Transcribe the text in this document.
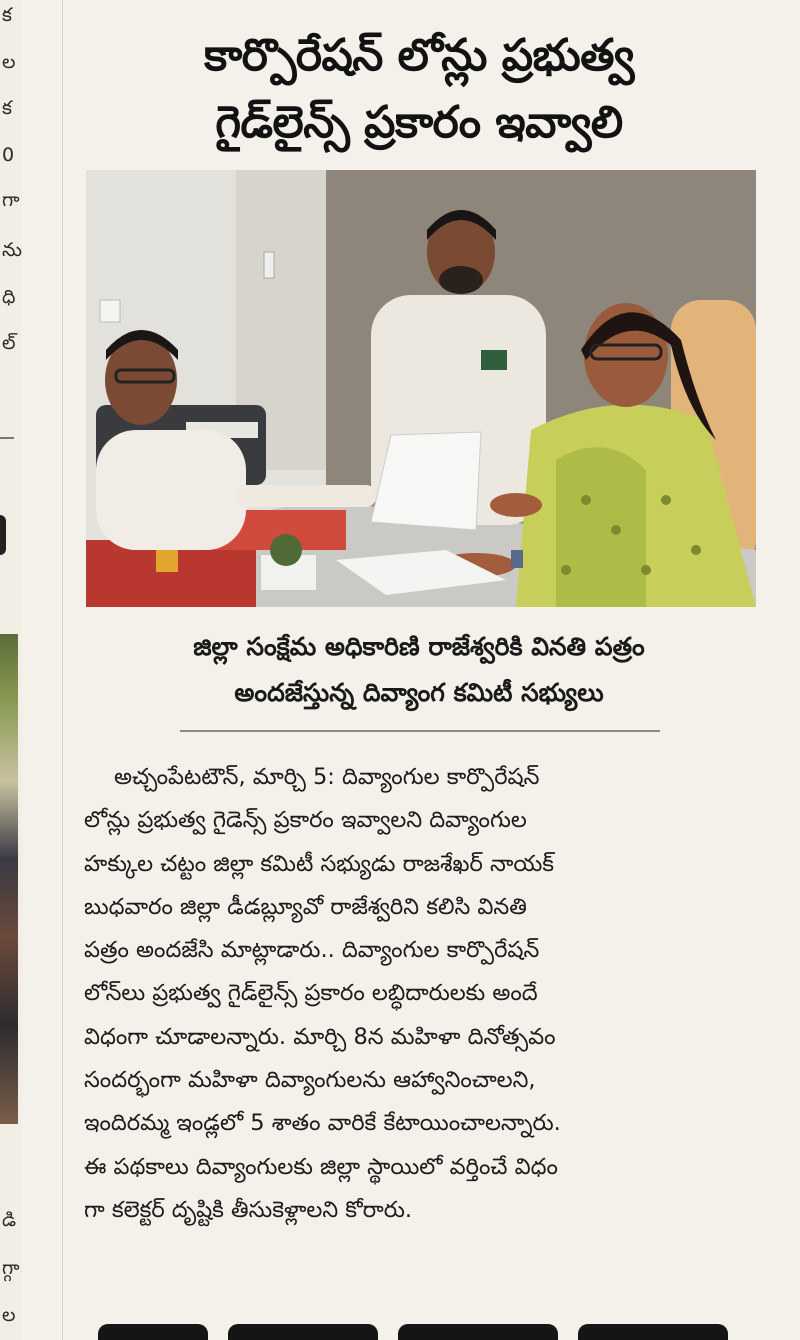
క
ల
క
0
గా
ను
ధి
ల్
డి
గ్గా
ల
కార్పొరేషన్ లోన్లు ప్రభుత్వ
గైడ్‌లైన్స్ ప్రకారం ఇవ్వాలి
జిల్లా సంక్షేమ అధికారిణి రాజేశ్వరికి వినతి పత్రం
అందజేస్తున్న దివ్యాంగ కమిటీ సభ్యులు
అచ్చంపేటటౌన్, మార్చి 5: దివ్యాంగుల కార్పొరేషన్
లోన్లు ప్రభుత్వ గైడెన్స్ ప్రకారం ఇవ్వాలని దివ్యాంగుల
హక్కుల చట్టం జిల్లా కమిటీ సభ్యుడు రాజశేఖర్ నాయక్
బుధవారం జిల్లా డీడబ్ల్యూవో రాజేశ్వరిని కలిసి వినతి
పత్రం అందజేసి మాట్లాడారు.. దివ్యాంగుల కార్పొరేషన్
లోన్‌లు ప్రభుత్వ గైడ్‌లైన్స్ ప్రకారం లబ్ధిదారులకు అందే
విధంగా చూడాలన్నారు. మార్చి 8న మహిళా దినోత్సవం
సందర్భంగా మహిళా దివ్యాంగులను ఆహ్వానించాలని,
ఇందిరమ్మ ఇండ్లలో 5 శాతం వారికే కేటాయించాలన్నారు.
ఈ పథకాలు దివ్యాంగులకు జిల్లా స్థాయిలో వర్తించే విధం
గా కలెక్టర్ దృష్టికి తీసుకెళ్లాలని కోరారు.
